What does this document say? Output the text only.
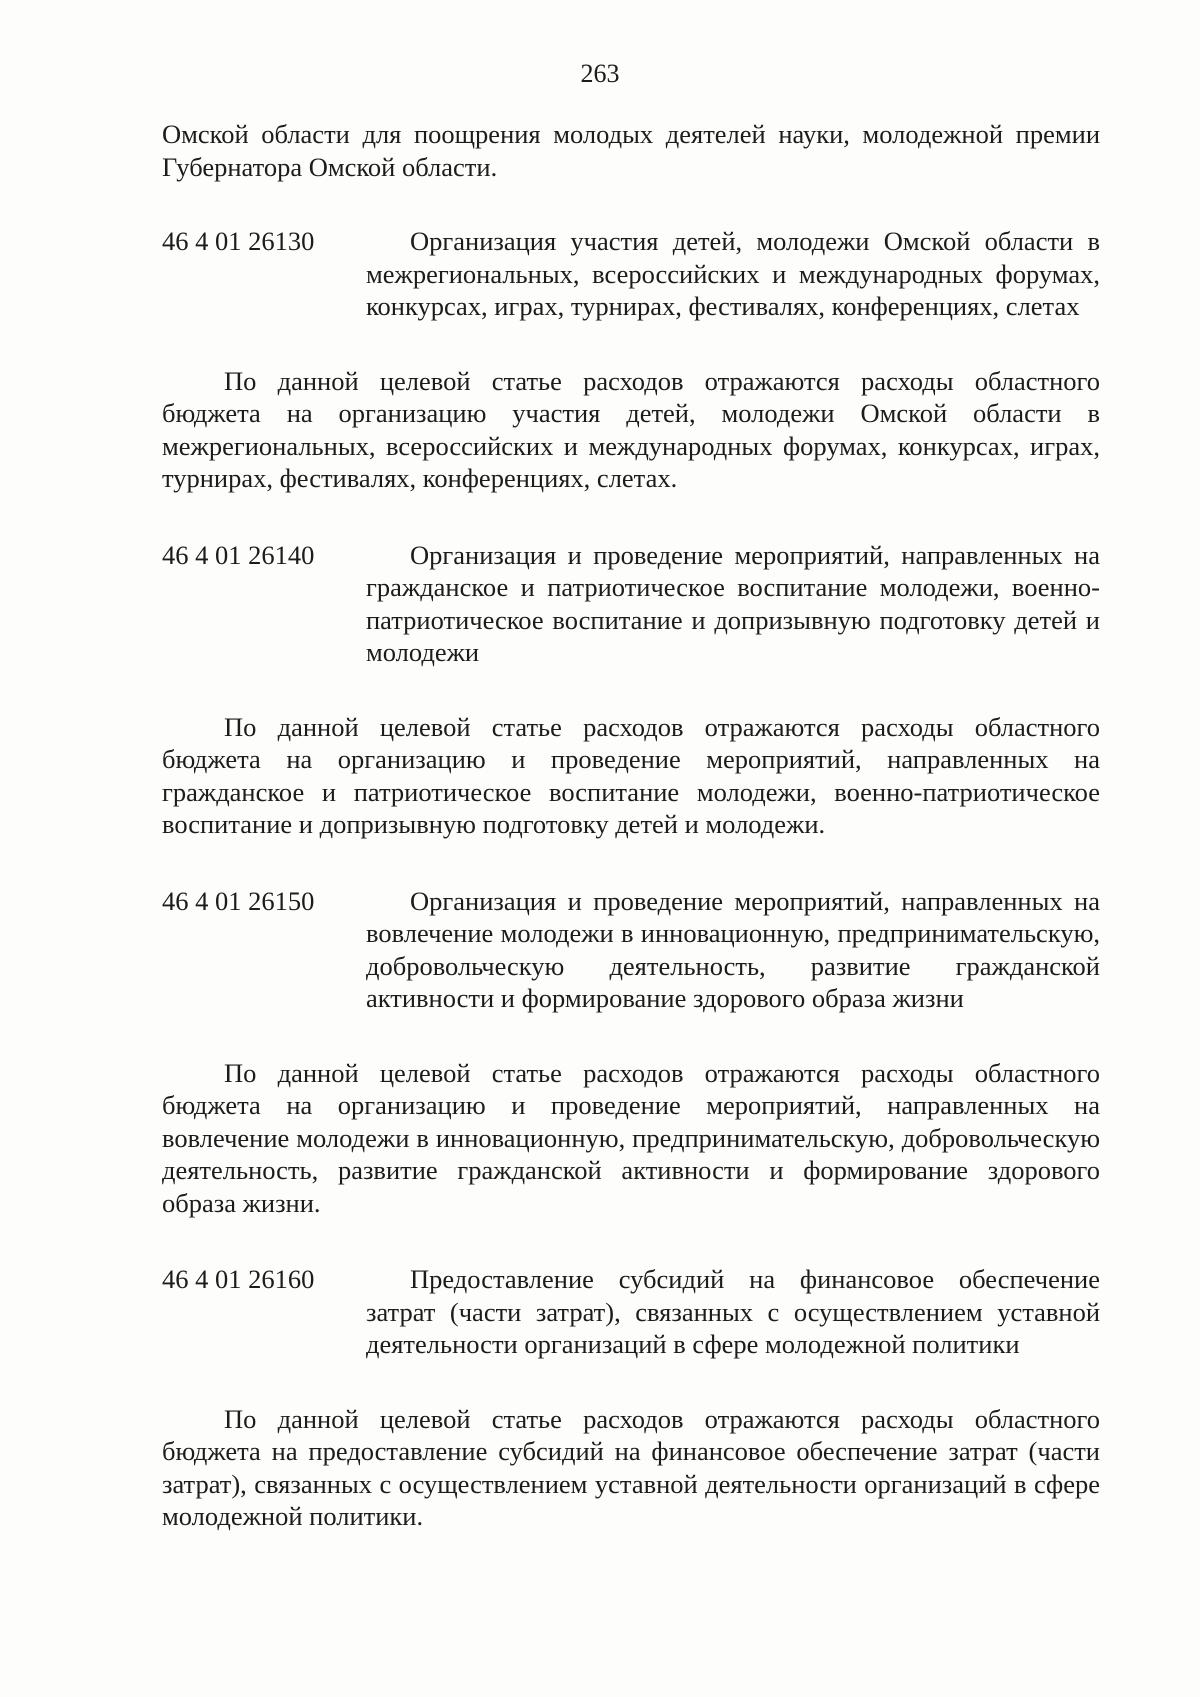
263

Омской области для поощрения молодых деятелей науки, молодежной премии Губернатора Омской области.

46 4 01 26130	Организация участия детей, молодежи Омской области в межрегиональных, всероссийских и международных форумах, конкурсах, играх, турнирах, фестивалях, конференциях, слетах

По данной целевой статье расходов отражаются расходы областного бюджета на организацию участия детей, молодежи Омской области в межрегиональных, всероссийских и международных форумах, конкурсах, играх, турнирах, фестивалях, конференциях, слетах.

46 4 01 26140	Организация и проведение мероприятий, направленных на гражданское и патриотическое воспитание молодежи, военно-патриотическое воспитание и допризывную подготовку детей и молодежи

По данной целевой статье расходов отражаются расходы областного бюджета на организацию и проведение мероприятий, направленных на гражданское и патриотическое воспитание молодежи, военно-патриотическое воспитание и допризывную подготовку детей и молодежи.

46 4 01 26150	Организация и проведение мероприятий, направленных на вовлечение молодежи в инновационную, предпринимательскую, добровольческую деятельность, развитие гражданской активности и формирование здорового образа жизни

По данной целевой статье расходов отражаются расходы областного бюджета на организацию и проведение мероприятий, направленных на вовлечение молодежи в инновационную, предпринимательскую, добровольческую деятельность, развитие гражданской активности и формирование здорового образа жизни.

46 4 01 26160	Предоставление субсидий на финансовое обеспечение затрат (части затрат), связанных с осуществлением уставной деятельности организаций в сфере молодежной политики

По данной целевой статье расходов отражаются расходы областного бюджета на предоставление субсидий на финансовое обеспечение затрат (части затрат), связанных с осуществлением уставной деятельности организаций в сфере молодежной политики.
